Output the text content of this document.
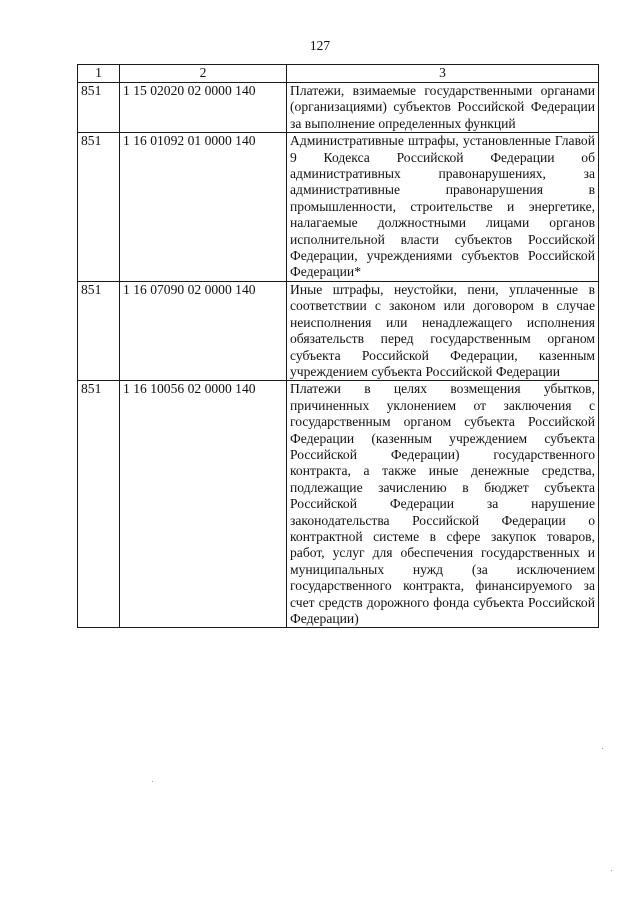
127
1	2	3
851	1 15 02020 02 0000 140	Платежи, взимаемые государственными органами (организациями) субъектов Российской Федерации за выполнение определенных функций
851	1 16 01092 01 0000 140	Административные штрафы, установленные Главой 9 Кодекса Российской Федерации об административных правонарушениях, за административные правонарушения в промышленности, строительстве и энергетике, налагаемые должностными лицами органов исполнительной власти субъектов Российской Федерации, учреждениями субъектов Российской Федерации*
851	1 16 07090 02 0000 140	Иные штрафы, неустойки, пени, уплаченные в соответствии с законом или договором в случае неисполнения или ненадлежащего исполнения обязательств перед государственным органом субъекта Российской Федерации, казенным учреждением субъекта Российской Федерации
851	1 16 10056 02 0000 140	Платежи в целях возмещения убытков, причиненных уклонением от заключения с государственным органом субъекта Российской Федерации (казенным учреждением субъекта Российской Федерации) государственного контракта, а также иные денежные средства, подлежащие зачислению в бюджет субъекта Российской Федерации за нарушение законодательства Российской Федерации о контрактной системе в сфере закупок товаров, работ, услуг для обеспечения государственных и муниципальных нужд (за исключением государственного контракта, финансируемого за счет средств дорожного фонда субъекта Российской Федерации)
